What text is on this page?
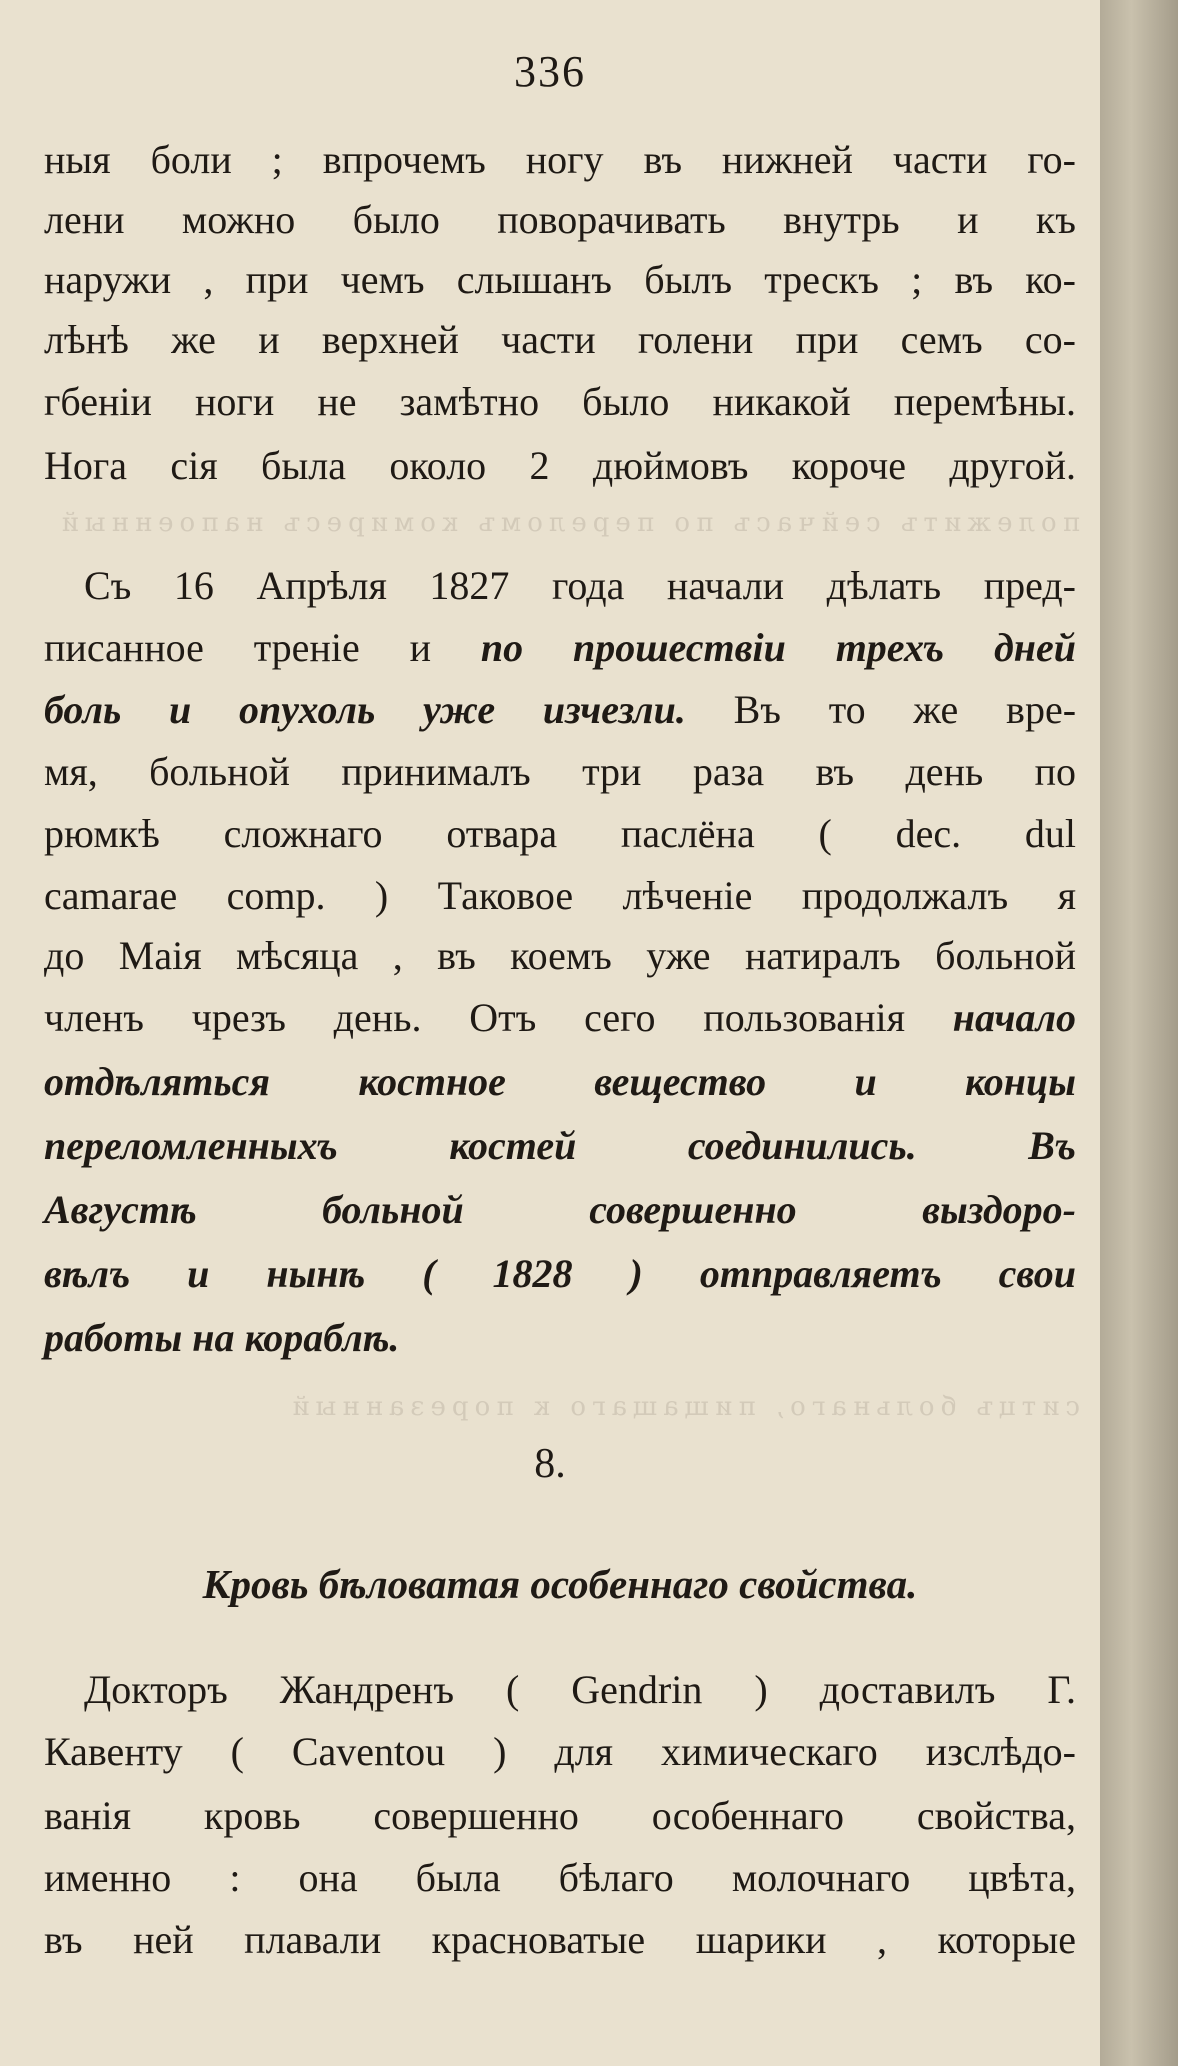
полежитъ сейчасъ по переломъ комиресъ напоенный
ситцъ больнаго, пищащаго к порезанный
336
ныя боли ; впрочемъ ногу въ нижней части го-
лени можно было поворачивать внутрь и къ
наружи , при чемъ слышанъ былъ трескъ ; въ ко-
лѣнѣ же и верхней части голени при семъ со-
гбенiи ноги не замѣтно было никакой перемѣны.
Нога сiя была около 2 дюймовъ короче другой.
Съ 16 Апрѣля 1827 года начали дѣлать пред-
писанное тренiе и по прошествiи трехъ дней
боль и опухоль уже изчезли. Въ то же вре-
мя, больной принималъ три раза въ день по
рюмкѣ сложнаго отвара паслёна ( dec. dul
camarae comp. ) Таковое лѣченiе продолжалъ я
до Маiя мѣсяца , въ коемъ уже натиралъ больной
членъ чрезъ день. Отъ сего пользованiя начало
отдѣляться костное вещество и концы
переломленныхъ костей соединились. Въ
Августѣ больной совершенно выздоро-
вѣлъ и нынѣ ( 1828 ) отправляетъ свои
работы на кораблѣ.
8.
Кровь бѣловатая особеннаго свойства.
Докторъ Жандренъ ( Gendrin ) доставилъ Г.
Кавенту ( Caventou ) для химическаго изслѣдо-
ванiя кровь совершенно особеннаго свойства,
именно : она была бѣлаго молочнаго цвѣта,
въ ней плавали красноватые шарики , которые
